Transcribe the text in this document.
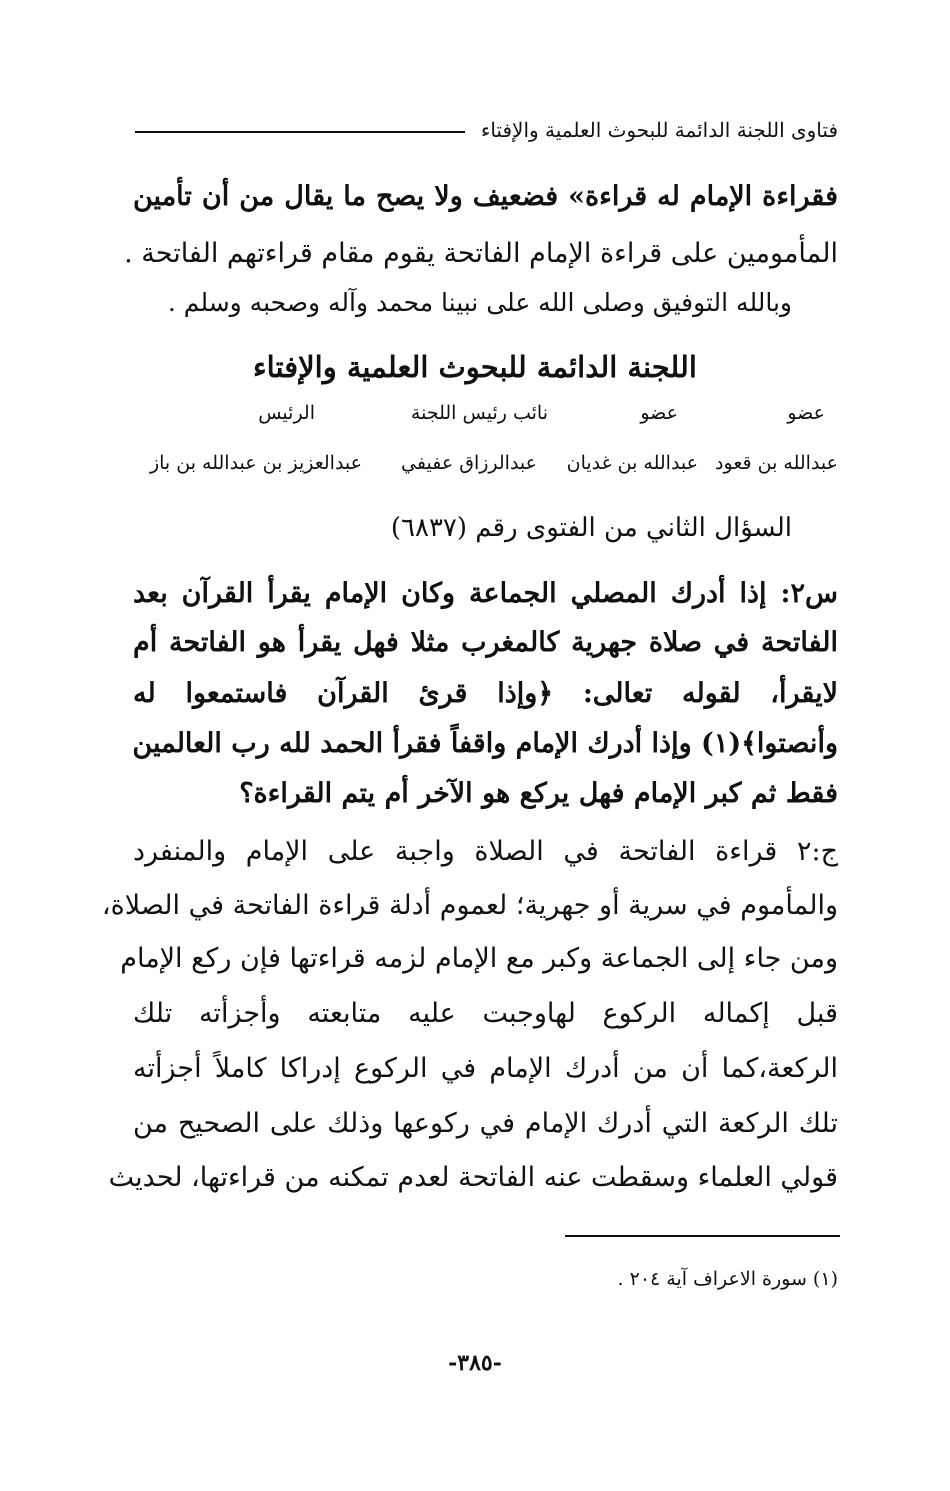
فتاوى اللجنة الدائمة للبحوث العلمية والإفتاء
فقراءة الإمام له قراءة» فضعيف ولا يصح ما يقال من أن تأمين
المأمومين على قراءة الإمام الفاتحة يقوم مقام قراءتهم الفاتحة .
وبالله التوفيق وصلى الله على نبينا محمد وآله وصحبه وسلم .
اللجنة الدائمة للبحوث العلمية والإفتاء
عضو
عضو
نائب رئيس اللجنة
الرئيس
عبدالله بن قعود
عبدالله بن غديان
عبدالرزاق عفيفي
عبدالعزيز بن عبدالله بن باز
السؤال الثاني من الفتوى رقم (٦٨٣٧)
س٢: إذا أدرك المصلي الجماعة وكان الإمام يقرأ القرآن بعد
الفاتحة في صلاة جهرية كالمغرب مثلا فهل يقرأ هو الفاتحة أم
لايقرأ، لقوله تعالى: ﴿وإذا قرئ القرآن فاستمعوا له
وأنصتوا﴾(١) وإذا أدرك الإمام واقفاً فقرأ الحمد لله رب العالمين
فقط ثم كبر الإمام فهل يركع هو الآخر أم يتم القراءة؟
ج:٢ قراءة الفاتحة في الصلاة واجبة على الإمام والمنفرد
والمأموم في سرية أو جهرية؛ لعموم أدلة قراءة الفاتحة في الصلاة،
ومن جاء إلى الجماعة وكبر مع الإمام لزمه قراءتها فإن ركع الإمام
قبل إكماله الركوع لهاوجبت عليه متابعته وأجزأته تلك
الركعة،كما أن من أدرك الإمام في الركوع إدراكا كاملاً أجزأته
تلك الركعة التي أدرك الإمام في ركوعها وذلك على الصحيح من
قولي العلماء وسقطت عنه الفاتحة لعدم تمكنه من قراءتها، لحديث
(١) سورة الاعراف آية ٢٠٤ .
-٣٨٥-
